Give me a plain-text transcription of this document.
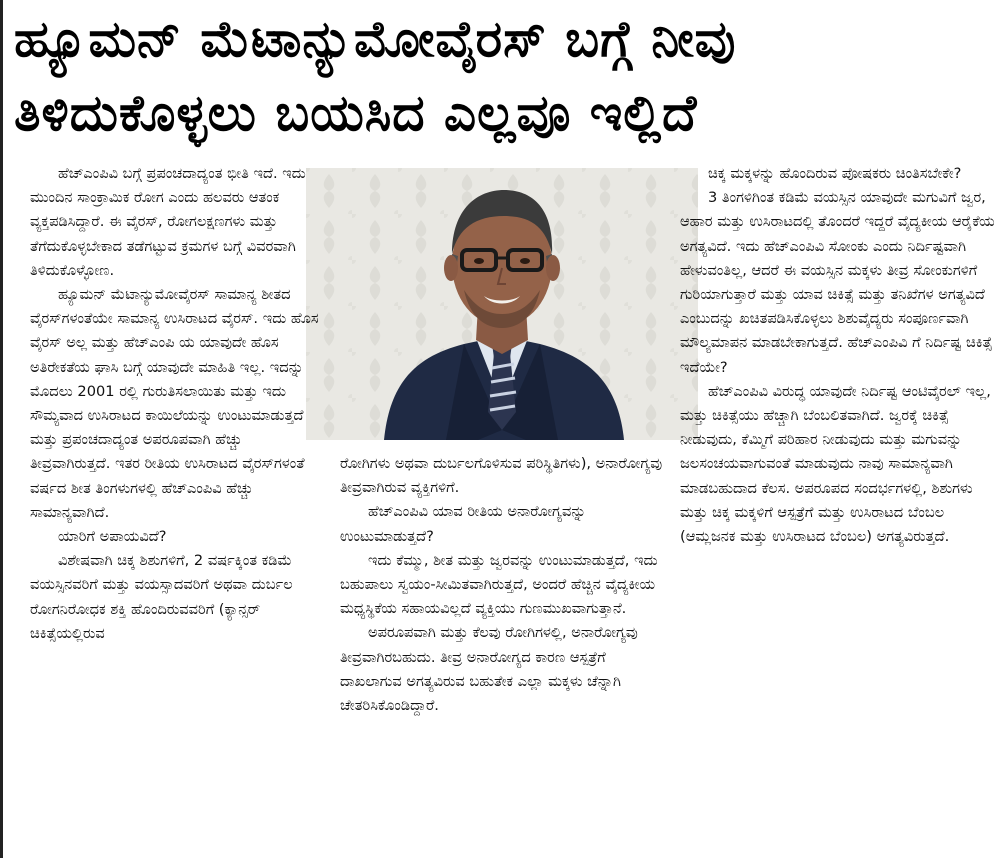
ಹ್ಯೂಮನ್ ಮೆಟಾನ್ಯುಮೋವೈರಸ್ ಬಗ್ಗೆ ನೀವು
ತಿಳಿದುಕೊಳ್ಳಲು ಬಯಸಿದ ಎಲ್ಲವೂ ಇಲ್ಲಿದೆ

ಹೆಚ್‌ಎಂಪಿವಿ ಬಗ್ಗೆ ಪ್ರಪಂಚದಾದ್ಯಂತ ಭೀತಿ ಇದೆ. ಇದು ಮುಂದಿನ ಸಾಂಕ್ರಾಮಿಕ ರೋಗ ಎಂದು ಹಲವರು ಆತಂಕ ವ್ಯಕ್ತಪಡಿಸಿದ್ದಾರೆ. ಈ ವೈರಸ್, ರೋಗಲಕ್ಷಣಗಳು ಮತ್ತು ತೆಗೆದುಕೊಳ್ಳಬೇಕಾದ ತಡೆಗಟ್ಟುವ ಕ್ರಮಗಳ ಬಗ್ಗೆ ವಿವರವಾಗಿ ತಿಳಿದುಕೊಳ್ಳೋಣ.

ಹ್ಯೂಮನ್ ಮೆಟಾನ್ಯುಮೋವೈರಸ್ ಸಾಮಾನ್ಯ ಶೀತದ ವೈರಸ್‌ಗಳಂತೆಯೇ ಸಾಮಾನ್ಯ ಉಸಿರಾಟದ ವೈರಸ್. ಇದು ಹೊಸ ವೈರಸ್ ಅಲ್ಲ ಮತ್ತು ಹೆಚ್‌ಎಂಪಿ ಯ ಯಾವುದೇ ಹೊಸ ಅತಿರೇಕತೆಯ ಘಾಸಿ ಬಗ್ಗೆ ಯಾವುದೇ ಮಾಹಿತಿ ಇಲ್ಲ. ಇದನ್ನು ಮೊದಲು 2001 ರಲ್ಲಿ ಗುರುತಿಸಲಾಯಿತು ಮತ್ತು ಇದು ಸೌಮ್ಯವಾದ ಉಸಿರಾಟದ ಕಾಯಿಲೆಯನ್ನು ಉಂಟುಮಾಡುತ್ತದೆ ಮತ್ತು ಪ್ರಪಂಚದಾದ್ಯಂತ ಅಪರೂಪವಾಗಿ ಹೆಚ್ಚು ತೀವ್ರವಾಗಿರುತ್ತದೆ. ಇತರ ರೀತಿಯ ಉಸಿರಾಟದ ವೈರಸ್‌ಗಳಂತೆ ವರ್ಷದ ಶೀತ ತಿಂಗಳುಗಳಲ್ಲಿ ಹೆಚ್‌ಎಂಪಿವಿ ಹೆಚ್ಚು ಸಾಮಾನ್ಯವಾಗಿದೆ.

ಯಾರಿಗೆ ಅಪಾಯವಿದೆ?

ವಿಶೇಷವಾಗಿ ಚಿಕ್ಕ ಶಿಶುಗಳಿಗೆ, 2 ವರ್ಷಕ್ಕಿಂತ ಕಡಿಮೆ ವಯಸ್ಸಿನವರಿಗೆ ಮತ್ತು ವಯಸ್ಸಾದವರಿಗೆ ಅಥವಾ ದುರ್ಬಲ ರೋಗನಿರೋಧಕ ಶಕ್ತಿ ಹೊಂದಿರುವವರಿಗೆ (ಕ್ಯಾನ್ಸರ್ ಚಿಕಿತ್ಸೆಯಲ್ಲಿರುವ

ರೋಗಿಗಳು ಅಥವಾ ದುರ್ಬಲಗೊಳಿಸುವ ಪರಿಸ್ಥಿತಿಗಳು), ಅನಾರೋಗ್ಯವು ತೀವ್ರವಾಗಿರುವ ವ್ಯಕ್ತಿಗಳಿಗೆ.

ಹೆಚ್‌ಎಂಪಿವಿ ಯಾವ ರೀತಿಯ ಅನಾರೋಗ್ಯವನ್ನು ಉಂಟುಮಾಡುತ್ತದೆ?

ಇದು ಕೆಮ್ಮು, ಶೀತ ಮತ್ತು ಜ್ವರವನ್ನು ಉಂಟುಮಾಡುತ್ತದೆ, ಇದು ಬಹುಪಾಲು ಸ್ವಯಂ-ಸೀಮಿತವಾಗಿರುತ್ತದೆ, ಅಂದರೆ ಹೆಚ್ಚಿನ ವೈದ್ಯಕೀಯ ಮಧ್ಯಸ್ಥಿಕೆಯ ಸಹಾಯವಿಲ್ಲದೆ ವ್ಯಕ್ತಿಯು ಗುಣಮುಖವಾಗುತ್ತಾನೆ.

ಅಪರೂಪವಾಗಿ ಮತ್ತು ಕೆಲವು ರೋಗಿಗಳಲ್ಲಿ, ಅನಾರೋಗ್ಯವು ತೀವ್ರವಾಗಿರಬಹುದು. ತೀವ್ರ ಅನಾರೋಗ್ಯದ ಕಾರಣ ಆಸ್ಪತ್ರೆಗೆ ದಾಖಲಾಗುವ ಅಗತ್ಯವಿರುವ ಬಹುತೇಕ ಎಲ್ಲಾ ಮಕ್ಕಳು ಚೆನ್ನಾಗಿ ಚೇತರಿಸಿಕೊಂಡಿದ್ದಾರೆ.

ಚಿಕ್ಕ ಮಕ್ಕಳನ್ನು ಹೊಂದಿರುವ ಪೋಷಕರು ಚಿಂತಿಸಬೇಕೇ?

3 ತಿಂಗಳಿಗಿಂತ ಕಡಿಮೆ ವಯಸ್ಸಿನ ಯಾವುದೇ ಮಗುವಿಗೆ ಜ್ವರ, ಆಹಾರ ಮತ್ತು ಉಸಿರಾಟದಲ್ಲಿ ತೊಂದರೆ ಇದ್ದರೆ ವೈದ್ಯಕೀಯ ಆರೈಕೆಯ ಅಗತ್ಯವಿದೆ. ಇದು ಹೆಚ್‌ಎಂಪಿವಿ ಸೋಂಕು ಎಂದು ನಿರ್ದಿಷ್ಟವಾಗಿ ಹೇಳುವಂತಿಲ್ಲ, ಆದರೆ ಈ ವಯಸ್ಸಿನ ಮಕ್ಕಳು ತೀವ್ರ ಸೋಂಕುಗಳಿಗೆ ಗುರಿಯಾಗುತ್ತಾರೆ ಮತ್ತು ಯಾವ ಚಿಕಿತ್ಸೆ ಮತ್ತು ತನಿಖೆಗಳ ಅಗತ್ಯವಿದೆ ಎಂಬುದನ್ನು ಖಚಿತಪಡಿಸಿಕೊಳ್ಳಲು ಶಿಶುವೈದ್ಯರು ಸಂಪೂರ್ಣವಾಗಿ ಮೌಲ್ಯಮಾಪನ ಮಾಡಬೇಕಾಗುತ್ತದೆ. ಹೆಚ್‌ಎಂಪಿವಿ ಗೆ ನಿರ್ದಿಷ್ಟ ಚಿಕಿತ್ಸೆ ಇದೆಯೇ?

ಹೆಚ್‌ಎಂಪಿವಿ ವಿರುದ್ಧ ಯಾವುದೇ ನಿರ್ದಿಷ್ಟ ಆಂಟಿವೈರಲ್ ಇಲ್ಲ, ಮತ್ತು ಚಿಕಿತ್ಸೆಯು ಹೆಚ್ಚಾಗಿ ಬೆಂಬಲಿತವಾಗಿದೆ. ಜ್ವರಕ್ಕೆ ಚಿಕಿತ್ಸೆ ನೀಡುವುದು, ಕೆಮ್ಮಿಗೆ ಪರಿಹಾರ ನೀಡುವುದು ಮತ್ತು ಮಗುವನ್ನು ಜಲಸಂಚಯವಾಗುವಂತೆ ಮಾಡುವುದು ನಾವು ಸಾಮಾನ್ಯವಾಗಿ ಮಾಡಬಹುದಾದ ಕೆಲಸ. ಅಪರೂಪದ ಸಂದರ್ಭಗಳಲ್ಲಿ, ಶಿಶುಗಳು ಮತ್ತು ಚಿಕ್ಕ ಮಕ್ಕಳಿಗೆ ಆಸ್ಪತ್ರೆಗೆ ಮತ್ತು ಉಸಿರಾಟದ ಬೆಂಬಲ (ಆಮ್ಲಜನಕ ಮತ್ತು ಉಸಿರಾಟದ ಬೆಂಬಲ) ಅಗತ್ಯವಿರುತ್ತದೆ.
